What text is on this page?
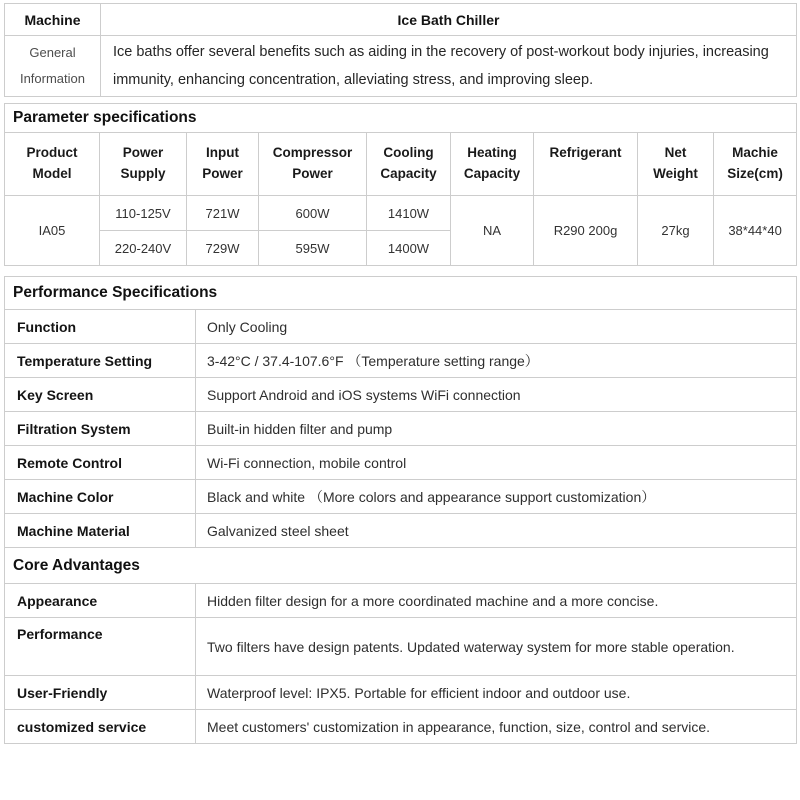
Machine	Ice Bath Chiller
General Information	Ice baths offer several benefits such as aiding in the recovery of post-workout body injuries, increasing immunity, enhancing concentration, alleviating stress, and improving sleep.
Parameter specifications								
Product Model	Power Supply	Input Power	Compressor Power	Cooling Capacity	Heating Capacity	Refrigerant	Net Weight	Machie Size(cm)
IA05	110-125V	721W	600W	1410W	NA	R290 200g	27kg	38*44*40
	220-240V	729W	595W	1400W				
Performance Specifications	
Function	Only Cooling
Temperature Setting	3-42°C / 37.4-107.6°F （Temperature setting range）
Key Screen	Support Android and iOS systems WiFi connection
Filtration System	Built-in hidden filter and pump
Remote Control	Wi-Fi connection, mobile control
Machine Color	Black and white （More colors and appearance support customization）
Machine Material	Galvanized steel sheet
Core Advantages	
Appearance	Hidden filter design for a more coordinated machine and a more concise.
Performance	Two filters have design patents. Updated waterway system for more stable operation.
User-Friendly	Waterproof level: IPX5. Portable for efficient indoor and outdoor use.
customized service	Meet customers' customization in appearance, function, size, control and service.
